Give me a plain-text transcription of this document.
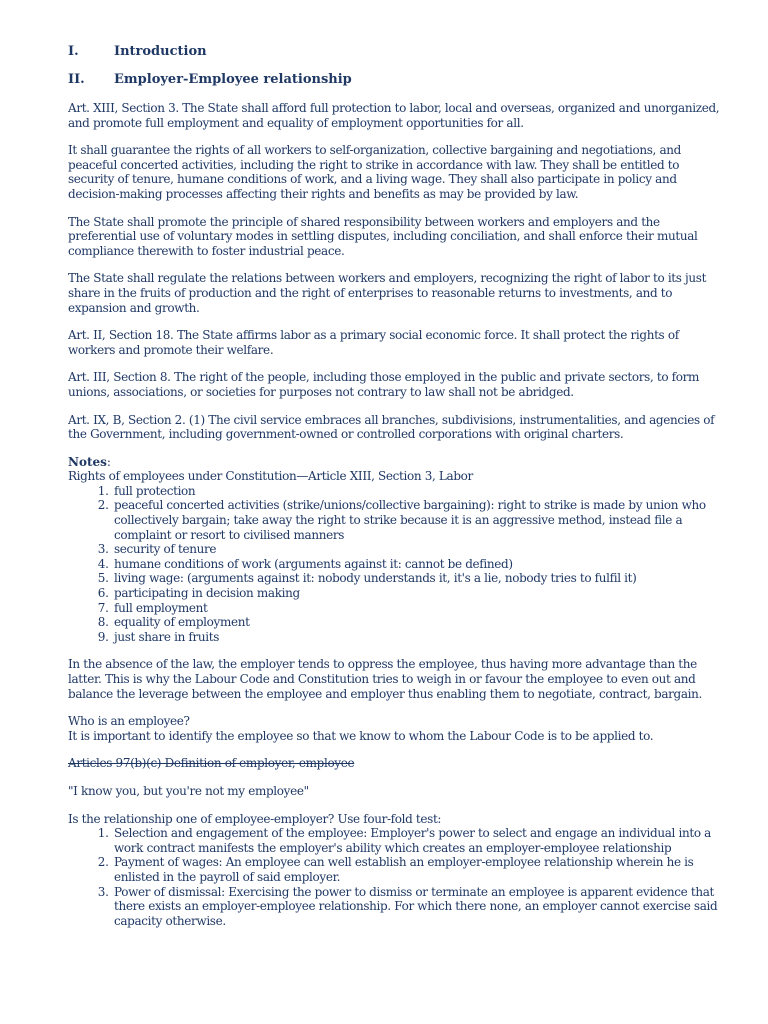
I.	Introduction
II.	Employer-Employee relationship

Art. XIII, Section 3. The State shall afford full protection to labor, local and overseas, organized and unorganized, and promote full employment and equality of employment opportunities for all.

It shall guarantee the rights of all workers to self-organization, collective bargaining and negotiations, and peaceful concerted activities, including the right to strike in accordance with law. They shall be entitled to security of tenure, humane conditions of work, and a living wage. They shall also participate in policy and decision-making processes affecting their rights and benefits as may be provided by law.

The State shall promote the principle of shared responsibility between workers and employers and the preferential use of voluntary modes in settling disputes, including conciliation, and shall enforce their mutual compliance therewith to foster industrial peace.

The State shall regulate the relations between workers and employers, recognizing the right of labor to its just share in the fruits of production and the right of enterprises to reasonable returns to investments, and to expansion and growth.

Art. II, Section 18. The State affirms labor as a primary social economic force. It shall protect the rights of workers and promote their welfare.

Art. III, Section 8. The right of the people, including those employed in the public and private sectors, to form unions, associations, or societies for purposes not contrary to law shall not be abridged.

Art. IX, B, Section 2. (1) The civil service embraces all branches, subdivisions, instrumentalities, and agencies of the Government, including government-owned or controlled corporations with original charters.

Notes:

Rights of employees under Constitution—Article XIII, Section 3, Labor

1. full protection
2. peaceful concerted activities (strike/unions/collective bargaining): right to strike is made by union who collectively bargain; take away the right to strike because it is an aggressive method, instead file a complaint or resort to civilised manners
3. security of tenure
4. humane conditions of work (arguments against it: cannot be defined)
5. living wage: (arguments against it: nobody understands it, it's a lie, nobody tries to fulfil it)
6. participating in decision making
7. full employment
8. equality of employment
9. just share in fruits

In the absence of the law, the employer tends to oppress the employee, thus having more advantage than the latter. This is why the Labour Code and Constitution tries to weigh in or favour the employee to even out and balance the leverage between the employee and employer thus enabling them to negotiate, contract, bargain.

Who is an employee?

It is important to identify the employee so that we know to whom the Labour Code is to be applied to.

Articles 97(b)(c) Definition of employer, employee

"I know you, but you're not my employee"

Is the relationship one of employee-employer? Use four-fold test:

1. Selection and engagement of the employee: Employer's power to select and engage an individual into a work contract manifests the employer's ability which creates an employer-employee relationship
2. Payment of wages: An employee can well establish an employer-employee relationship wherein he is enlisted in the payroll of said employer.
3. Power of dismissal: Exercising the power to dismiss or terminate an employee is apparent evidence that there exists an employer-employee relationship. For which there none, an employer cannot exercise said capacity otherwise.
